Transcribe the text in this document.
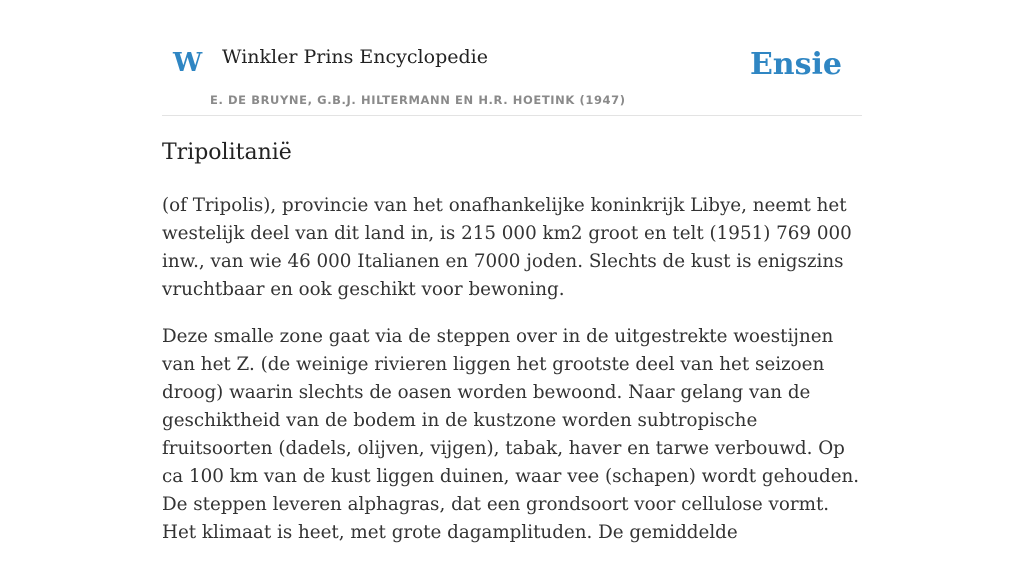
W Winkler Prins Encyclopedie
E. DE BRUYNE, G.B.J. HILTERMANN EN H.R. HOETINK (1947)
Ensie
Tripolitanië

(of Tripolis), provincie van het onafhankelijke koninkrijk Libye, neemt het westelijk deel van dit land in, is 215 000 km2 groot en telt (1951) 769 000 inw., van wie 46 000 Italianen en 7000 joden. Slechts de kust is enigszins vruchtbaar en ook geschikt voor bewoning.

Deze smalle zone gaat via de steppen over in de uitgestrekte woestijnen van het Z. (de weinige rivieren liggen het grootste deel van het seizoen droog) waarin slechts de oasen worden bewoond. Naar gelang van de geschiktheid van de bodem in de kustzone worden subtropische fruitsoorten (dadels, olijven, vijgen), tabak, haver en tarwe verbouwd. Op ca 100 km van de kust liggen duinen, waar vee (schapen) wordt gehouden. De steppen leveren alphagras, dat een grondsoort voor cellulose vormt. Het klimaat is heet, met grote dagamplituden. De gemiddelde
